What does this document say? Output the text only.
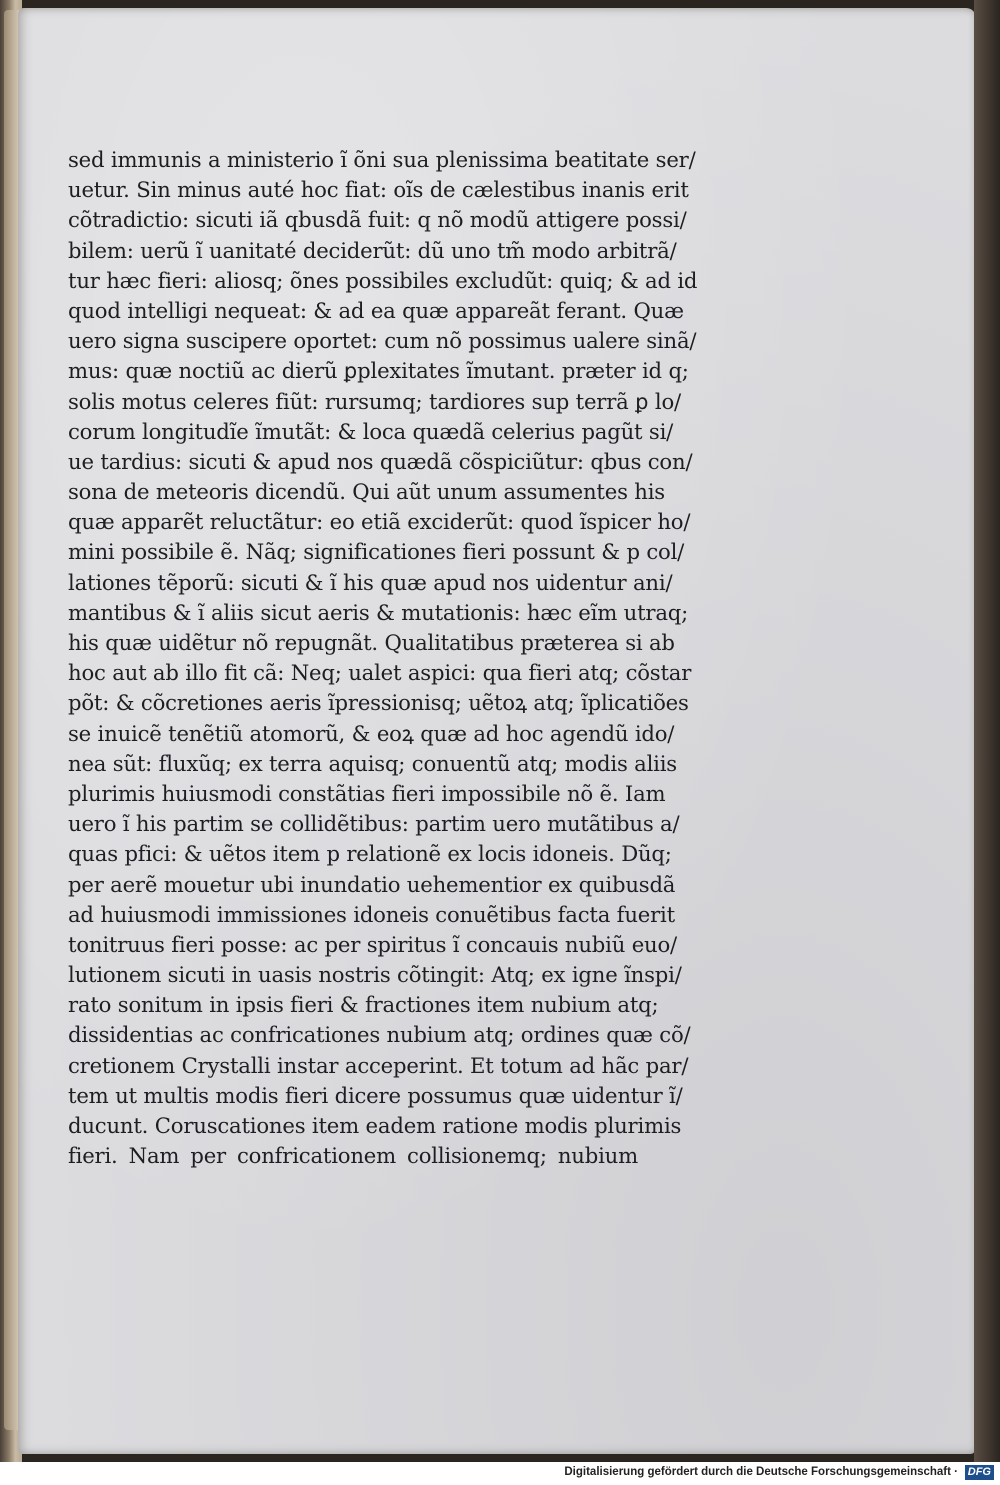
sed immunis a ministerio ĩ õni sua plenissima beatitate ser/
uetur. Sin minus auté hoc fiat: oĩs de cælestibus inanis erit
cõtradictio: sicuti iã qbusdã fuit: q nõ modũ attigere possi/
bilem: uerũ ĩ uanitaté deciderũt: dũ uno tm̃ modo arbitrã/
tur hæc fieri: aliosq; õnes possibiles excludũt: quiq; & ad id
quod intelligi nequeat: & ad ea quæ appareãt ferant. Quæ
uero signa suscipere oportet: cum nõ possimus ualere sinã/
mus: quæ noctiũ ac dierũ ꝑplexitates ĩmutant. præter id q;
solis motus celeres fiũt: rursumq; tardiores sup terrã ꝑ lo/
corum longitudĩe ĩmutãt: & loca quædã celerius pagũt si/
ue tardius: sicuti & apud nos quædã cõspiciũtur: qbus con/
sona de meteoris dicendũ. Qui aũt unum assumentes his
quæ apparẽt reluctãtur: eo etiã exciderũt: quod ĩspicer ho/
mini possibile ẽ. Nãq; significationes fieri possunt & p col/
lationes tẽporũ: sicuti & ĩ his quæ apud nos uidentur ani/
mantibus & ĩ aliis sicut aeris & mutationis: hæc eĩm utraq;
his quæ uidẽtur nõ repugnãt. Qualitatibus præterea si ab
hoc aut ab illo fit cã: Neq; ualet aspici: qua fieri atq; cõstar
põt: & cõcretiones aeris ĩpressionisq; uẽtoꝝ atq; ĩplicatiões
se inuicẽ tenẽtiũ atomorũ, & eoꝝ quæ ad hoc agendũ ido/
nea sũt: fluxũq; ex terra aquisq; conuentũ atq; modis aliis
plurimis huiusmodi constãtias fieri impossibile nõ ẽ. Iam
uero ĩ his partim se collidẽtibus: partim uero mutãtibus a/
quas pfici: & uẽtos item p relationẽ ex locis idoneis. Dũq;
per aerẽ mouetur ubi inundatio uehementior ex quibusdã
ad huiusmodi immissiones idoneis conuẽtibus facta fuerit
tonitruus fieri posse: ac per spiritus ĩ concauis nubiũ euo/
lutionem sicuti in uasis nostris cõtingit: Atq; ex igne ĩnspi/
rato sonitum in ipsis fieri & fractiones item nubium atq;
dissidentias ac confricationes nubium atq; ordines quæ cõ/
cretionem Crystalli instar acceperint. Et totum ad hãc par/
tem ut multis modis fieri dicere possumus quæ uidentur ĩ/
ducunt. Coruscationes item eadem ratione modis plurimis
fieri. Nam per confricationem collisionemq; nubium
Digitalisierung gefördert durch die Deutsche Forschungsgemeinschaft · DFG
